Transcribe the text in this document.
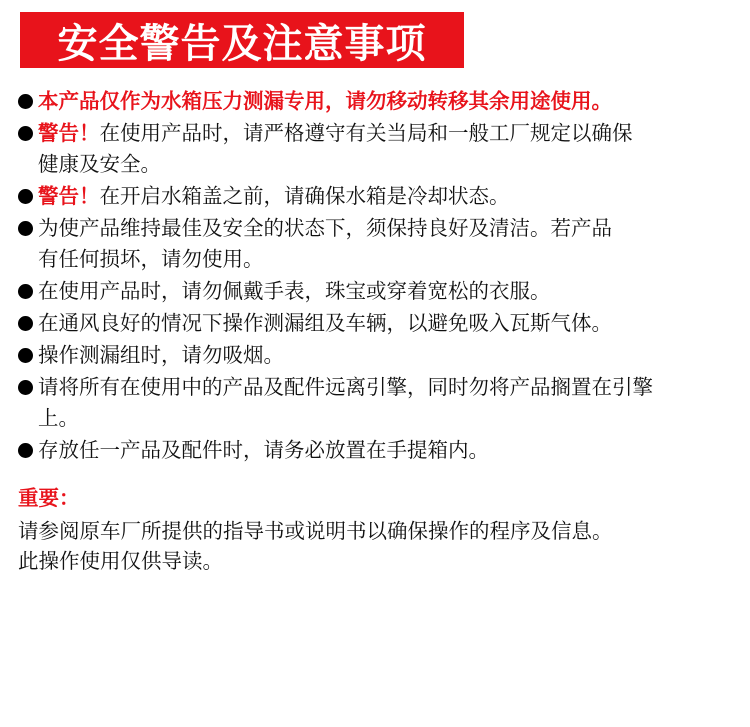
安全警告及注意事项
本产品仅作为水箱压力测漏专用，请勿移动转移其余用途使用。
警告！在使用产品时，请严格遵守有关当局和一般工厂规定以确保
健康及安全。
警告！在开启水箱盖之前，请确保水箱是冷却状态。
为使产品维持最佳及安全的状态下，须保持良好及清洁。若产品
有任何损坏，请勿使用。
在使用产品时，请勿佩戴手表，珠宝或穿着宽松的衣服。
在通风良好的情况下操作测漏组及车辆，以避免吸入瓦斯气体。
操作测漏组时，请勿吸烟。
请将所有在使用中的产品及配件远离引擎，同时勿将产品搁置在引擎
上。
存放任一产品及配件时，请务必放置在手提箱内。
重要：
请参阅原车厂所提供的指导书或说明书以确保操作的程序及信息。
此操作使用仅供导读。
